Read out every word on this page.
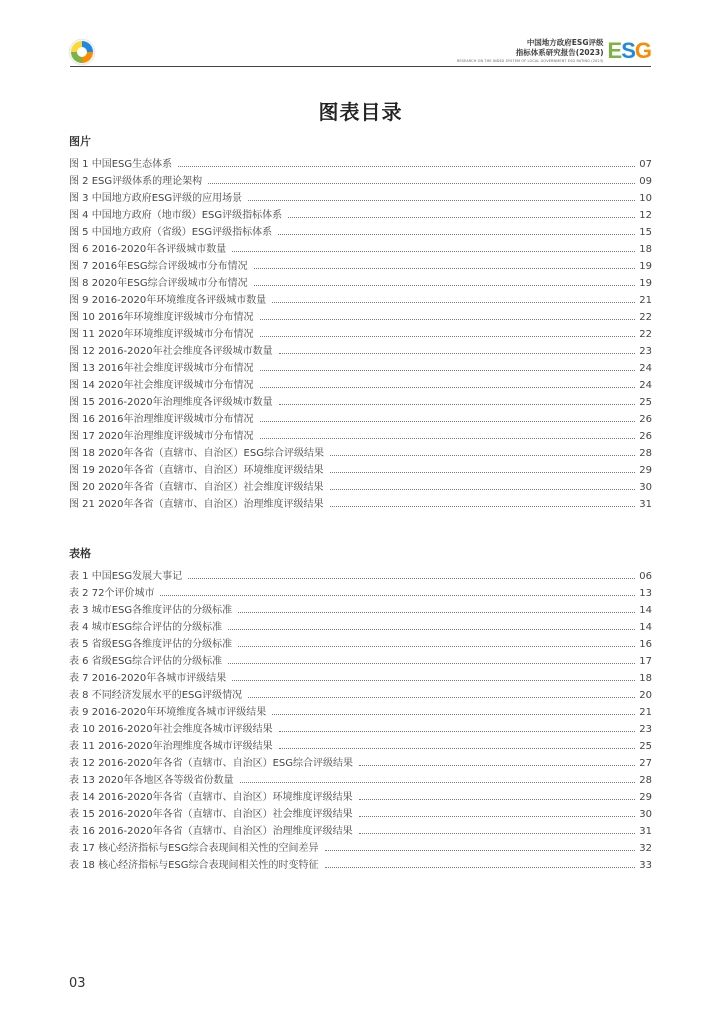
中国地方政府ESG评级
指标体系研究报告(2023)
RESEARCH ON THE INDEX SYSTEM OF LOCAL GOVERNMENT ESG RATING (2023) ESG
图表目录
图片
图 1 中国ESG生态体系	07
图 2 ESG评级体系的理论架构	09
图 3 中国地方政府ESG评级的应用场景	10
图 4 中国地方政府（地市级）ESG评级指标体系	12
图 5 中国地方政府（省级）ESG评级指标体系	15
图 6 2016-2020年各评级城市数量	18
图 7 2016年ESG综合评级城市分布情况	19
图 8 2020年ESG综合评级城市分布情况	19
图 9 2016-2020年环境维度各评级城市数量	21
图 10 2016年环境维度评级城市分布情况	22
图 11 2020年环境维度评级城市分布情况	22
图 12 2016-2020年社会维度各评级城市数量	23
图 13 2016年社会维度评级城市分布情况	24
图 14 2020年社会维度评级城市分布情况	24
图 15 2016-2020年治理维度各评级城市数量	25
图 16 2016年治理维度评级城市分布情况	26
图 17 2020年治理维度评级城市分布情况	26
图 18 2020年各省（直辖市、自治区）ESG综合评级结果	28
图 19 2020年各省（直辖市、自治区）环境维度评级结果	29
图 20 2020年各省（直辖市、自治区）社会维度评级结果	30
图 21 2020年各省（直辖市、自治区）治理维度评级结果	31
表格
表 1 中国ESG发展大事记	06
表 2 72个评价城市	13
表 3 城市ESG各维度评估的分级标准	14
表 4 城市ESG综合评估的分级标准	14
表 5 省级ESG各维度评估的分级标准	16
表 6 省级ESG综合评估的分级标准	17
表 7 2016-2020年各城市评级结果	18
表 8 不同经济发展水平的ESG评级情况	20
表 9 2016-2020年环境维度各城市评级结果	21
表 10 2016-2020年社会维度各城市评级结果	23
表 11 2016-2020年治理维度各城市评级结果	25
表 12 2016-2020年各省（直辖市、自治区）ESG综合评级结果	27
表 13 2020年各地区各等级省份数量	28
表 14 2016-2020年各省（直辖市、自治区）环境维度评级结果	29
表 15 2016-2020年各省（直辖市、自治区）社会维度评级结果	30
表 16 2016-2020年各省（直辖市、自治区）治理维度评级结果	31
表 17 核心经济指标与ESG综合表现间相关性的空间差异	32
表 18 核心经济指标与ESG综合表现间相关性的时变特征	33
03
